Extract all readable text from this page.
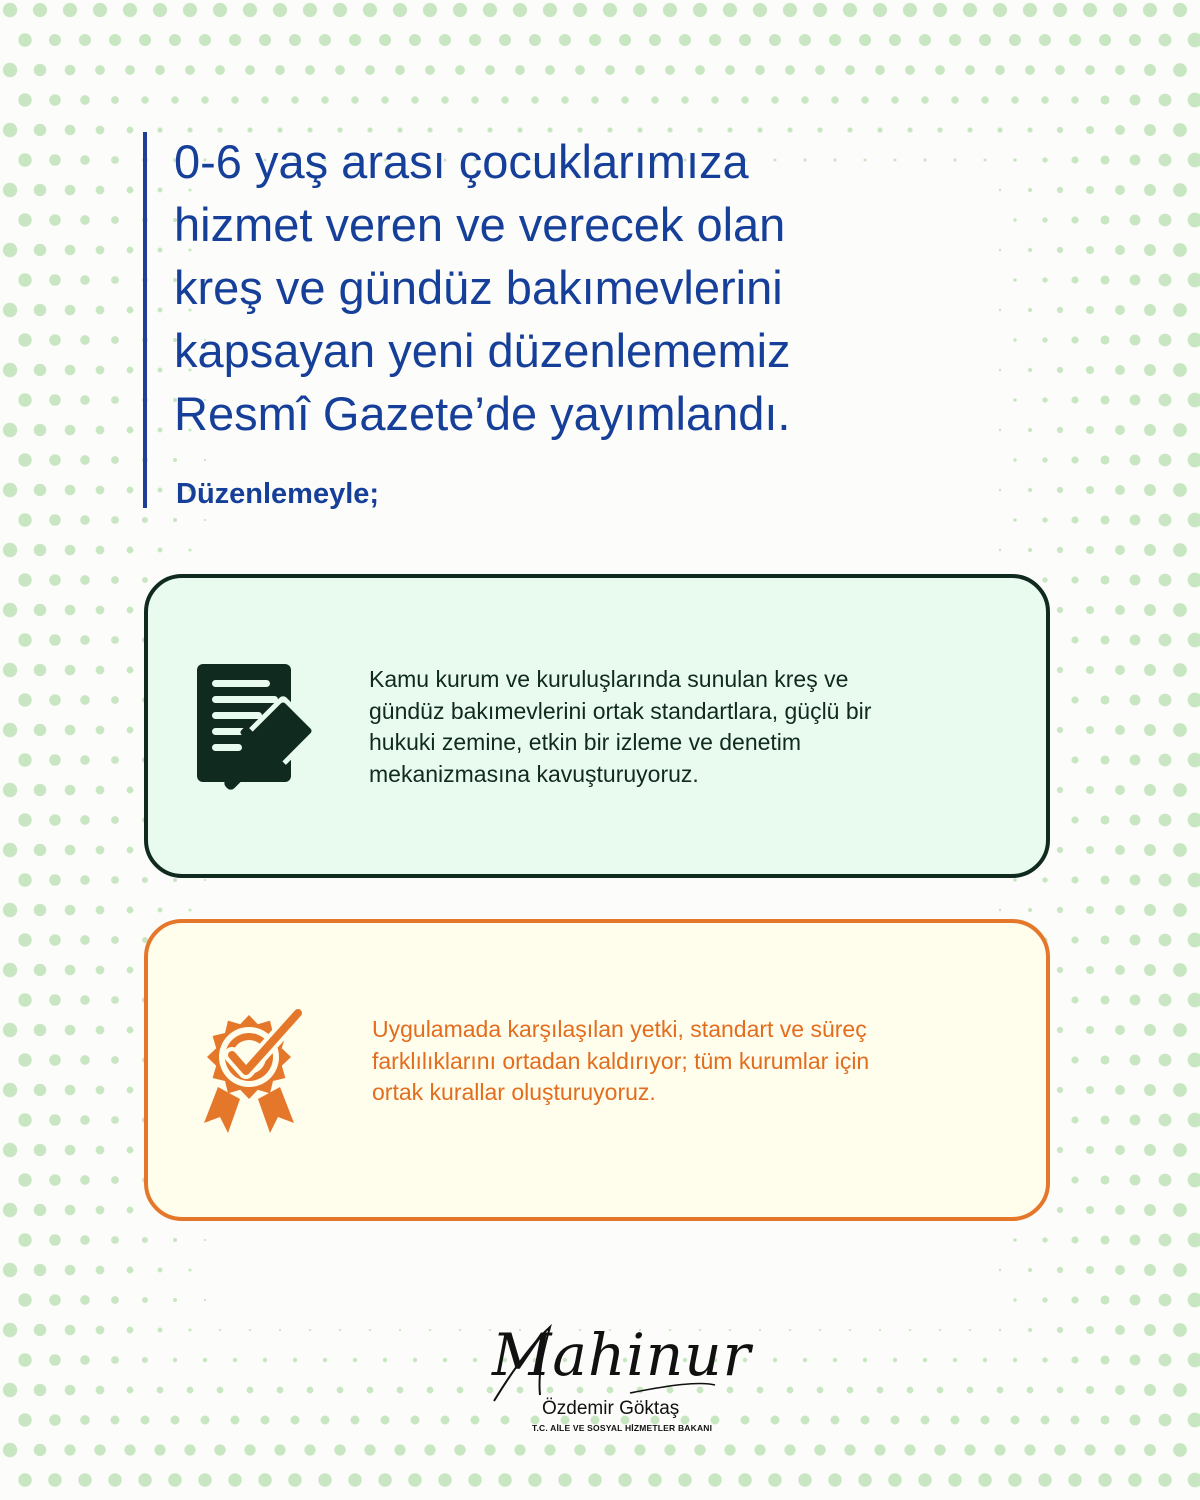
0-6 yaş arası çocuklarımıza
hizmet veren ve verecek olan
kreş ve gündüz bakımevlerini
kapsayan yeni düzenlememiz
Resmî Gazete’de yayımlandı.
Düzenlemeyle;
Kamu kurum ve kuruluşlarında sunulan kreş ve
gündüz bakımevlerini ortak standartlara, güçlü bir
hukuki zemine, etkin bir izleme ve denetim
mekanizmasına kavuşturuyoruz.
Uygulamada karşılaşılan yetki, standart ve süreç
farklılıklarını ortadan kaldırıyor; tüm kurumlar için
ortak kurallar oluşturuyoruz.
Mahinur
Özdemir Göktaş
T.C. AİLE VE SOSYAL HİZMETLER BAKANI
